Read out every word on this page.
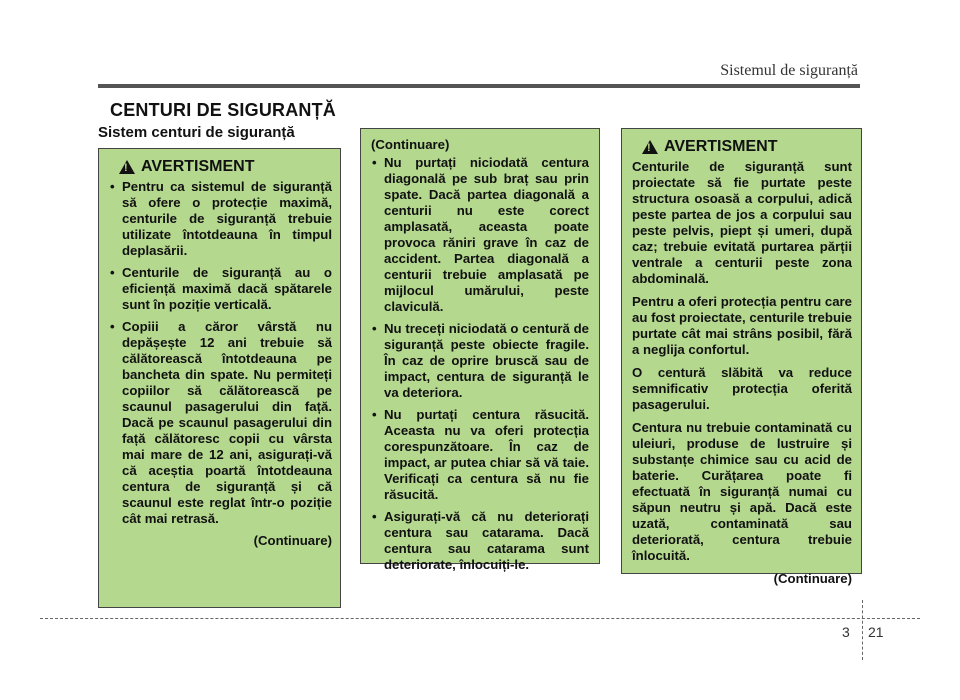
Sistemul de siguranță
CENTURI DE SIGURANȚĂ
Sistem centuri de siguranță
!
AVERTISMENT
• Pentru ca sistemul de siguranță să ofere o protecție maximă, centurile de siguranță trebuie utilizate întotdeauna în timpul deplasării.
• Centurile de siguranță au o eficiență maximă dacă spătarele sunt în poziție verticală.
• Copiii a căror vârstă nu depășește 12 ani trebuie să călătorească întotdeauna pe bancheta din spate. Nu permiteți copiilor să călătorească pe scaunul pasagerului din față. Dacă pe scaunul pasagerului din față călătoresc copii cu vârsta mai mare de 12 ani, asigurați-vă că aceștia poartă întotdeauna centura de siguranță și că scaunul este reglat într-o poziție cât mai retrasă.
(Continuare)
(Continuare)
• Nu purtați niciodată centura diagonală pe sub braț sau prin spate. Dacă partea diagonală a centurii nu este corect amplasată, aceasta poate provoca răniri grave în caz de accident. Partea diagonală a centurii trebuie amplasată pe mijlocul umărului, peste claviculă.
• Nu treceți niciodată o centură de siguranță peste obiecte fragile. În caz de oprire bruscă sau de impact, centura de siguranță le va deteriora.
• Nu purtați centura răsucită. Aceasta nu va oferi protecția corespunzătoare. În caz de impact, ar putea chiar să vă taie. Verificați ca centura să nu fie răsucită.
• Asigurați-vă că nu deteriorați centura sau catarama. Dacă centura sau catarama sunt deteriorate, înlocuiți-le.
!
AVERTISMENT

Centurile de siguranță sunt proiectate să fie purtate peste structura osoasă a corpului, adică peste partea de jos a corpului sau peste pelvis, piept și umeri, după caz; trebuie evitată purtarea părții ventrale a centurii peste zona abdominală.

Pentru a oferi protecția pentru care au fost proiectate, centurile trebuie purtate cât mai strâns posibil, fără a neglija confortul.

O centură slăbită va reduce semnificativ protecția oferită pasagerului.

Centura nu trebuie contaminată cu uleiuri, produse de lustruire și substanțe chimice sau cu acid de baterie. Curățarea poate fi efectuată în siguranță numai cu săpun neutru și apă. Dacă este uzată, contaminată sau deteriorată, centura trebuie înlocuită.

(Continuare)
3 21
